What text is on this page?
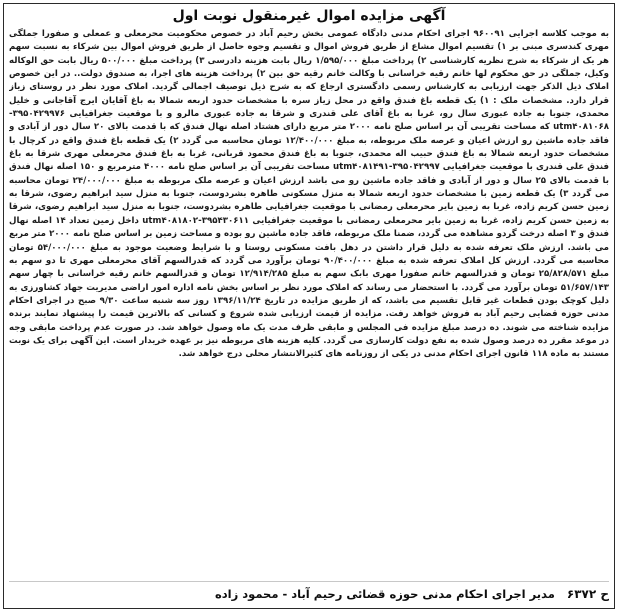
آگهی مزایده اموال غیرمنقول نوبت اول

به موجب کلاسه اجرایی ۹۶۰۰۹۱ اجرای احکام مدنی دادگاه عمومی بخش رحیم آباد در خصوص محکومیت محرمعلی و عمعلی و صفورا جملگی مهری کندسری مبنی بر ۱) تقسیم اموال مشاع از طریق فروش اموال و تقسیم وجوه حاصل از طریق فروش اموال بین شرکاء به نسبت سهم هر یک از شرکاء به شرح نظریه کارشناسی ۲) پرداخت مبلغ ۱/۵۹۵/۰۰۰ ریال بابت هزینه دادرسی ۳) پرداخت مبلغ ۵۰۰/۰۰۰ ریال بابت حق الوکاله وکیل، جملگی در حق محکوم لها خانم رقیه خراسانی با وکالت خانم رقیه حق بین ۲) پرداخت هزینه های اجرا، به صندوق دولت.. در این خصوص املاک ذیل الذکر جهت ارزیابی به کارشناس رسمی دادگستری ارجاع که به شرح ذیل توصیف اجمالی گردید. املاک مورد نظر در روستای زیاز قرار دارد. مشخصات ملک : ۱) یک قطعه باغ فندق واقع در محل زیاز سره با مشخصات حدود اربعه شمالا به باغ آقایان ایرج آقاجانی و خلیل محمدی، جنوبا به جاده عبوری سال رو، غربا به باغ آقای علی قندری و شرقا به جاده عبوری مالرو و با موقعیت جغرافیایی ۳۹۵۰۴۲۹۹۷۶-utm۴۰۸۱۰۶۸ که مساحت تقریبی آن بر اساس صلح نامه ۲۰۰۰ متر مربع دارای هشتاد اصله نهال فندق که با قدمت بالای ۲۰ سال دور از آبادی و فاقد جاده ماشین رو ارزش اعیان و عرصه ملک مربوطه، به مبلغ ۱۲/۴۰۰/۰۰۰ تومان محاسبه می گردد ۲) یک قطعه باغ فندق واقع در کرچال با مشخصات حدود اربعه شمالا به باغ فندق حبیب اله محمدی، جنوبا به باغ فندق محمود قربانی، غربا به باغ فندق محرمعلی مهری شرقا به باغ فندق علی قندری با موقعیت جغرافیایی ۳۹۵۰۴۲۹۹۷-utm۴۰۸۱۴۹۱ مساحت تقریبی آن بر اساس صلح نامه ۴۰۰۰ مترمربع و ۱۵۰ اصله نهال فندق با قدمت بالای ۲۵ سال و دور از آبادی و فاقد جاده ماشین رو می باشد ارزش اعیان و عرصه ملک مربوطه به مبلغ ۲۴/۰۰۰/۰۰۰ تومان محاسبه می گردد ۳) یک قطعه زمین با مشخصات حدود اربعه شمالا به منزل مسکونی طاهره بشردوست، جنوبا به منزل سید ابراهیم رضوی، شرقا به زمین حسن کریم زاده، غربا به زمین بایر محرمعلی رمضانی با موقعیت جغرافیایی طاهره بشردوست، جنوبا به منزل سید ابراهیم رضوی، شرقا به زمین حسن کریم زاده، غربا به زمین بایر محرمعلی رمضانی با موقعیت جغرافیایی ۳۹۵۴۳۰۶۱۱-utm۴۰۸۱۸۰۲ داخل زمین تعداد ۱۴ اصله نهال فندق و ۳ اصله درخت گردو مشاهده می گردد، ضمنا ملک مربوطه، فاقد جاده ماشین رو بوده و مساحت زمین بر اساس صلح نامه ۲۰۰۰ متر مربع می باشد. ارزش ملک تعرفه شده به دلیل قرار داشتن در دهل بافت مسکونی روستا و با شرایط وضعیت موجود به مبلغ ۵۴/۰۰۰/۰۰۰ تومان محاسبه می گردد. ارزش کل املاک تعرفه شده به مبلغ ۹۰/۴۰۰/۰۰۰ تومان برآورد می گردد که قدرالسهم آقای محرمعلی مهری تا دو سهم به مبلغ ۲۵/۸۲۸/۵۷۱ تومان و قدرالسهم خانم صفورا مهری بابک سهم به مبلغ ۱۲/۹۱۴/۲۸۵ تومان و قدرالسهم خانم رقیه خراسانی با چهار سهم ۵۱/۶۵۷/۱۴۳ تومان برآورد می گردد. با استحضار می رساند که املاک مورد نظر بر اساس بخش نامه اداره امور اراضی مدیریت جهاد کشاورزی به دلیل کوچک بودن قطعات غیر قابل تقسیم می باشد، که از طریق مزایده در تاریخ ۱۳۹۶/۱۱/۲۴ روز سه شنبه ساعت ۹/۳۰ صبح در اجرای احکام مدنی حوزه قضایی رحیم آباد به فروش خواهد رفت. مزایده از قیمت ارزیابی شده شروع و کسانی که بالاترین قیمت را پیشنهاد نمایند برنده مزایده شناخته می شوند. ده درصد مبلغ مزایده فی المجلس و مابقی ظرف مدت یک ماه وصول خواهد شد. در صورت عدم پرداخت مابقی وجه در موعد مقرر ده درصد وصول شده به نفع دولت کارسازی می گردد. کلیه هزینه های مربوطه نیز بر عهده خریدار است. این آگهی برای یک نوبت مستند به ماده ۱۱۸ قانون اجرای احکام مدنی در یکی از روزنامه های کثیرالانتشار محلی درج خواهد شد.

ح ۶۳۷۲
مدیر اجرای احکام مدنی حوزه قضائی رحیم آباد - محمود زاده
